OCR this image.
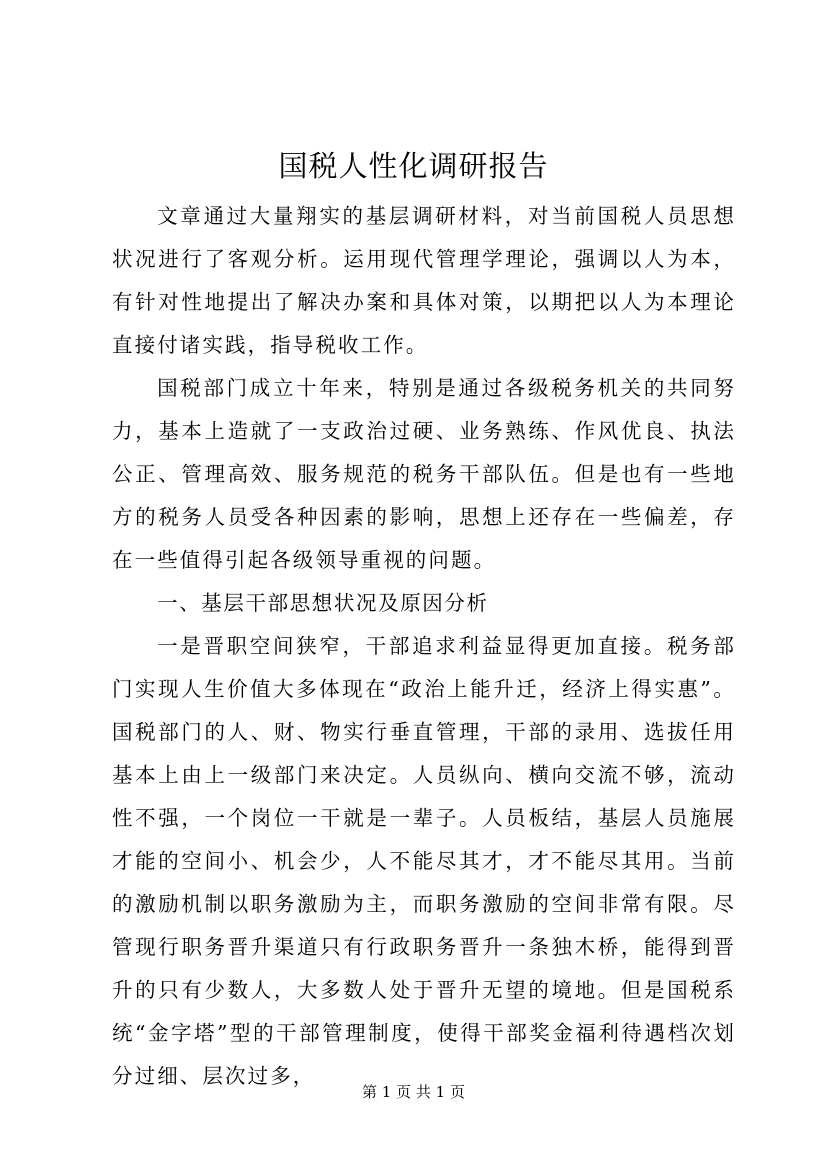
国税人性化调研报告

文章通过大量翔实的基层调研材料，对当前国税人员思想状况进行了客观分析。运用现代管理学理论，强调以人为本，有针对性地提出了解决办案和具体对策，以期把以人为本理论直接付诸实践，指导税收工作。

国税部门成立十年来，特别是通过各级税务机关的共同努力，基本上造就了一支政治过硬、业务熟练、作风优良、执法公正、管理高效、服务规范的税务干部队伍。但是也有一些地方的税务人员受各种因素的影响，思想上还存在一些偏差，存在一些值得引起各级领导重视的问题。

一、基层干部思想状况及原因分析

一是晋职空间狭窄，干部追求利益显得更加直接。税务部门实现人生价值大多体现在“政治上能升迁，经济上得实惠”。国税部门的人、财、物实行垂直管理，干部的录用、选拔任用基本上由上一级部门来决定。人员纵向、横向交流不够，流动性不强，一个岗位一干就是一辈子。人员板结，基层人员施展才能的空间小、机会少，人不能尽其才，才不能尽其用。当前的激励机制以职务激励为主，而职务激励的空间非常有限。尽管现行职务晋升渠道只有行政职务晋升一条独木桥，能得到晋升的只有少数人，大多数人处于晋升无望的境地。但是国税系统“金字塔”型的干部管理制度，使得干部奖金福利待遇档次划分过细、层次过多，

第 1 页 共 1 页
